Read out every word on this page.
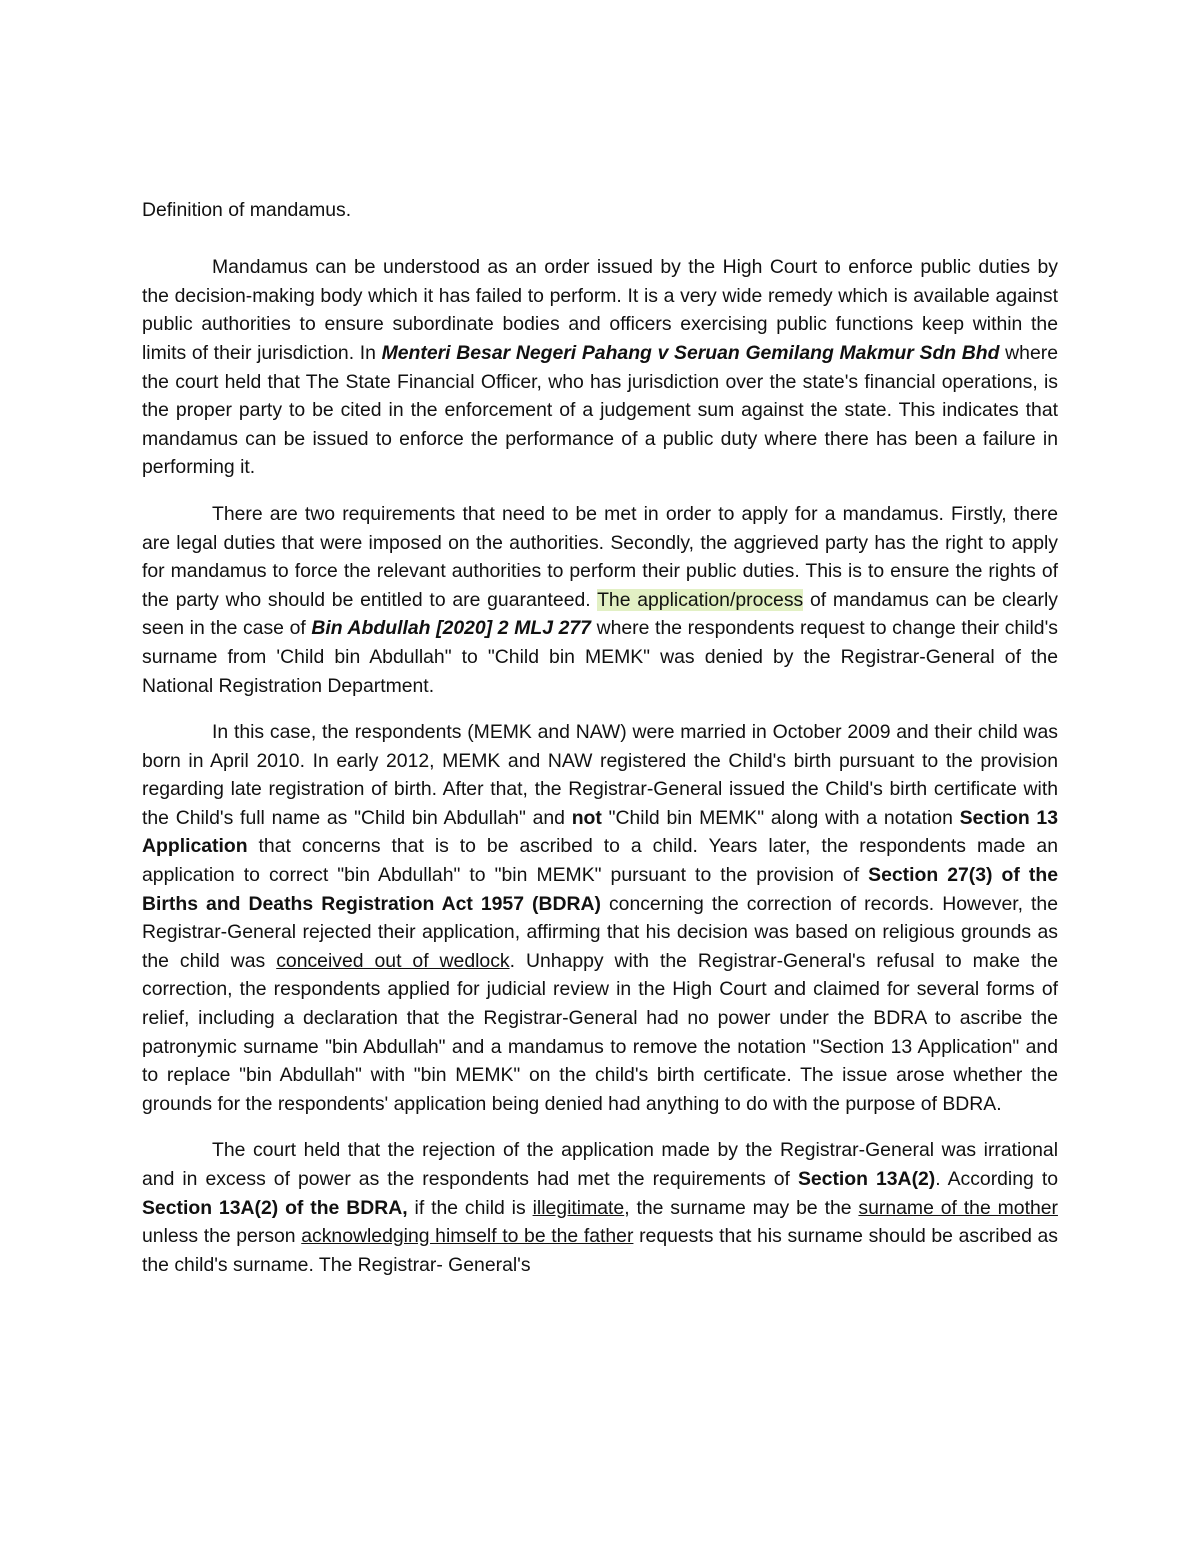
Definition of mandamus.

Mandamus can be understood as an order issued by the High Court to enforce public duties by the decision-making body which it has failed to perform. It is a very wide remedy which is available against public authorities to ensure subordinate bodies and officers exercising public functions keep within the limits of their jurisdiction. In Menteri Besar Negeri Pahang v Seruan Gemilang Makmur Sdn Bhd where the court held that The State Financial Officer, who has jurisdiction over the state's financial operations, is the proper party to be cited in the enforcement of a judgement sum against the state. This indicates that mandamus can be issued to enforce the performance of a public duty where there has been a failure in performing it.

There are two requirements that need to be met in order to apply for a mandamus. Firstly, there are legal duties that were imposed on the authorities. Secondly, the aggrieved party has the right to apply for mandamus to force the relevant authorities to perform their public duties. This is to ensure the rights of the party who should be entitled to are guaranteed. The application/process of mandamus can be clearly seen in the case of Bin Abdullah [2020] 2 MLJ 277 where the respondents request to change their child's surname from 'Child bin Abdullah" to "Child bin MEMK" was denied by the Registrar-General of the National Registration Department.

In this case, the respondents (MEMK and NAW) were married in October 2009 and their child was born in April 2010. In early 2012, MEMK and NAW registered the Child's birth pursuant to the provision regarding late registration of birth. After that, the Registrar-General issued the Child's birth certificate with the Child's full name as "Child bin Abdullah" and not "Child bin MEMK" along with a notation Section 13 Application that concerns that is to be ascribed to a child. Years later, the respondents made an application to correct "bin Abdullah" to "bin MEMK" pursuant to the provision of Section 27(3) of the Births and Deaths Registration Act 1957 (BDRA) concerning the correction of records. However, the Registrar-General rejected their application, affirming that his decision was based on religious grounds as the child was conceived out of wedlock. Unhappy with the Registrar-General's refusal to make the correction, the respondents applied for judicial review in the High Court and claimed for several forms of relief, including a declaration that the Registrar-General had no power under the BDRA to ascribe the patronymic surname "bin Abdullah" and a mandamus to remove the notation "Section 13 Application" and to replace "bin Abdullah" with "bin MEMK" on the child's birth certificate. The issue arose whether the grounds for the respondents' application being denied had anything to do with the purpose of BDRA.

The court held that the rejection of the application made by the Registrar-General was irrational and in excess of power as the respondents had met the requirements of Section 13A(2). According to Section 13A(2) of the BDRA, if the child is illegitimate, the surname may be the surname of the mother unless the person acknowledging himself to be the father requests that his surname should be ascribed as the child's surname. The Registrar- General's
